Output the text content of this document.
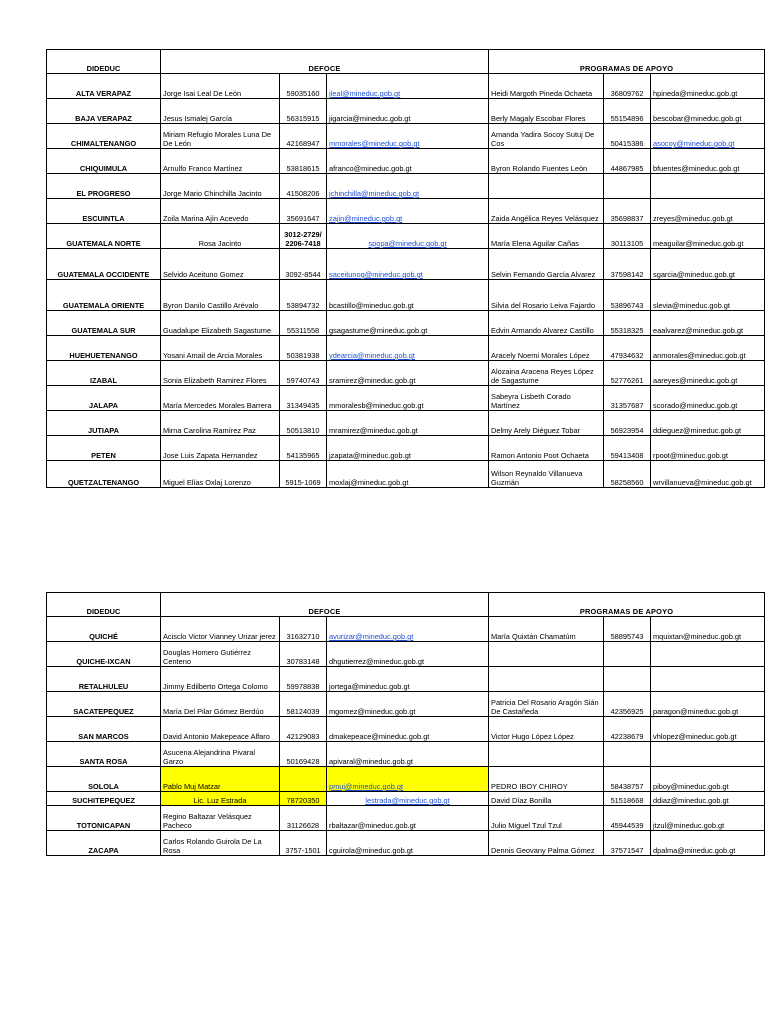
DIDEDUC	DEFOCE			PROGRAMAS DE APOYO		
ALTA VERAPAZ	Jorge Isai Leal De León	59035160	jleal@mineduc.gob.gt	Heidi Margoth Pineda Ochaeta	36809762	hpineda@mineduc.gob.gt
BAJA VERAPAZ	Jesus Ismalej García	56315915	jigarcia@mineduc.gob.gt	Berly Magaly Escobar Flores	55154896	bescobar@mineduc.gob.gt
CHIMALTENANGO	Miriam Refugio Morales Luna De De León	42168947	mmorales@mineduc.gob.gt	Amanda Yadira Socoy Sutuj De Cos	50415386	asocoy@mineduc.gob.gt
CHIQUIMULA	Arnulfo Franco Martínez	53818615	afranco@mineduc.gob.gt	Byron Rolando Fuentes León	44867985	bfuentes@mineduc.gob.gt
EL PROGRESO	Jorge Mario Chinchilla Jacinto	41508206	jchinchilla@mineduc.gob.gt			
ESCUINTLA	Zoila Marina Ajín Acevedo	35691647	zajin@mineduc.gob.gt	Zaida Angélica Reyes Velásquez	35698837	zreyes@mineduc.gob.gt
GUATEMALA NORTE	Rosa Jacinto	3012-2729/ 2206-7418	spopa@mineduc.gob.gt	María Elena Aguilar Cañas	30113105	meaguilar@mineduc.gob.gt
GUATEMALA OCCIDENTE	Selvido Aceituno Gomez	3092-8544	saceitunog@mineduc.gob.gt	Selvin Fernando García Alvarez	37598142	sgarcia@mineduc.gob.gt
GUATEMALA ORIENTE	Byron Danilo Castillo Arévalo	53894732	bcastillo@mineduc.gob.gt	Silvia del Rosario Leiva Fajardo	53896743	slevia@mineduc.gob.gt
GUATEMALA SUR	Guadalupe Elizabeth Sagastume	55311558	gsagastume@mineduc.gob.gt	Edvin Armando Alvarez Castillo	55318325	eaalvarez@mineduc.gob.gt
HUEHUETENANGO	Yosani Amail de Arcia Morales	50381938	ydearcia@mineduc.gob.gt	Aracely Noemi Morales López	47934632	anmorales@mineduc.gob.gt
IZABAL	Sonia Elizabeth Ramirez Flores	59740743	sramirez@mineduc.gob.gt	Alozaina Aracena Reyes López de Sagastume	52776261	aareyes@mineduc.gob.gt
JALAPA	María Mercedes Morales Barrera	31349435	mmoralesb@mineduc.gob.gt	Sabeyra Lisbeth Corado Martínez	31357687	scorado@mineduc.gob.gt
JUTIAPA	Mirna Carolina Ramírez Paz	50513810	mramirez@mineduc.gob.gt	Delmy Arely Diéguez Tobar	56923954	ddieguez@mineduc.gob.gt
PETEN	Jose Luis Zapata Hernandez	54135965	jzapata@mineduc.gob.gt	Ramon Antonio Poot Ochaeta	59413408	rpoot@mineduc.gob.gt
QUETZALTENANGO	Miguel Elías Oxlaj Lorenzo	5915-1069	moxlaj@mineduc.gob.gt	Wilson Reynaldo Villanueva Guzmán	58258560	wrvillanueva@mineduc.gob.gt
DIDEDUC	DEFOCE			PROGRAMAS DE APOYO		
QUICHÉ	Acisclo Victor Vianney Urizar jerez	31632710	avurizar@mineduc.gob.gt	María Quixtán Chamatúm	58895743	mquixtan@mineduc.gob.gt
QUICHE-IXCAN	Douglas Homero Gutiérrez Centeno	30783148	dhgutierrez@mineduc.gob.gt			
RETALHULEU	Jimmy Edilberto Ortega Colomo	59978838	jortega@mineduc.gob.gt			
SACATEPEQUEZ	María Del Pilar Gómez Berdúo	58124039	mgomez@mineduc.gob.gt	Patricia Del Rosario Aragón Sián De Castañeda	42356925	paragon@mineduc.gob.gt
SAN MARCOS	David Antonio Makepeace Alfaro	42129083	dmakepeace@mineduc.gob.gt	Victor Hugo López López	42238679	vhlopez@mineduc.gob.gt
SANTA ROSA	Asucena Alejandrina Pivaral Garzo	50169428	apivaral@mineduc.gob.gt			
SOLOLA	Pablo Muj Matzar		pmuj@mineduc.gob.gt	PEDRO IBOY CHIROY	58438757	piboy@mineduc.gob.gt
SUCHITEPEQUEZ	Lic. Luz Estrada	78720350	lestrada@mineduc.gob.gt	David Díaz Bonilla	51518668	ddiaz@mineduc.gob.gt
TOTONICAPAN	Regino Baltazar Velásquez Pacheco	31126628	rbaltazar@mineduc.gob.gt	Julio Miguel Tzul Tzul	45944539	jtzul@mineduc.gob.gt
ZACAPA	Carlos Rolando Guirola De La Rosa	3757-1501	cguirola@mineduc.gob.gt	Dennis Geovany Palma Gómez	37571547	dpalma@mineduc.gob.gt
